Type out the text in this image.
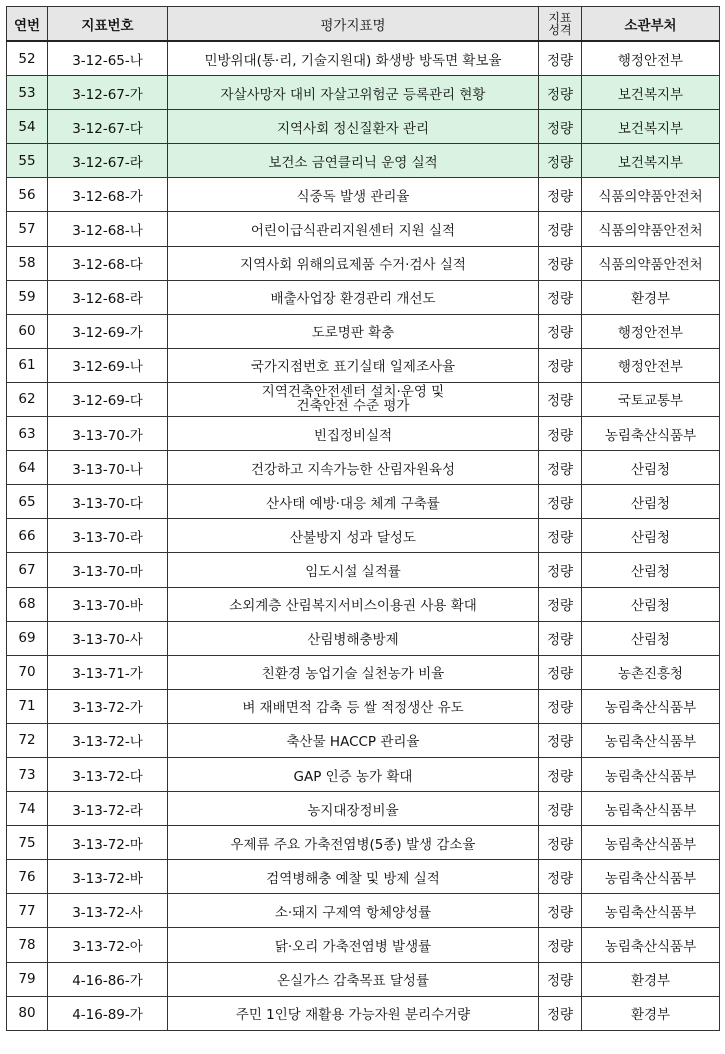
연번	지표번호	평가지표명	지표
성격	소관부처
52	3-12-65-나	민방위대(통·리, 기술지원대) 화생방 방독면 확보율	정량	행정안전부
53	3-12-67-가	자살사망자 대비 자살고위험군 등록관리 현황	정량	보건복지부
54	3-12-67-다	지역사회 정신질환자 관리	정량	보건복지부
55	3-12-67-라	보건소 금연클리닉 운영 실적	정량	보건복지부
56	3-12-68-가	식중독 발생 관리율	정량	식품의약품안전처
57	3-12-68-나	어린이급식관리지원센터 지원 실적	정량	식품의약품안전처
58	3-12-68-다	지역사회 위해의료제품 수거·검사 실적	정량	식품의약품안전처
59	3-12-68-라	배출사업장 환경관리 개선도	정량	환경부
60	3-12-69-가	도로명판 확충	정량	행정안전부
61	3-12-69-나	국가지점번호 표기실태 일제조사율	정량	행정안전부
62	3-12-69-다	지역건축안전센터 설치·운영 및
건축안전 수준 평가	정량	국토교통부
63	3-13-70-가	빈집정비실적	정량	농림축산식품부
64	3-13-70-나	건강하고 지속가능한 산림자원육성	정량	산림청
65	3-13-70-다	산사태 예방·대응 체계 구축률	정량	산림청
66	3-13-70-라	산불방지 성과 달성도	정량	산림청
67	3-13-70-마	임도시설 실적률	정량	산림청
68	3-13-70-바	소외계층 산림복지서비스이용권 사용 확대	정량	산림청
69	3-13-70-사	산림병해충방제	정량	산림청
70	3-13-71-가	친환경 농업기술 실천농가 비율	정량	농촌진흥청
71	3-13-72-가	벼 재배면적 감축 등 쌀 적정생산 유도	정량	농림축산식품부
72	3-13-72-나	축산물 HACCP 관리율	정량	농림축산식품부
73	3-13-72-다	GAP 인증 농가 확대	정량	농림축산식품부
74	3-13-72-라	농지대장정비율	정량	농림축산식품부
75	3-13-72-마	우제류 주요 가축전염병(5종) 발생 감소율	정량	농림축산식품부
76	3-13-72-바	검역병해충 예찰 및 방제 실적	정량	농림축산식품부
77	3-13-72-사	소·돼지 구제역 항체양성률	정량	농림축산식품부
78	3-13-72-아	닭·오리 가축전염병 발생률	정량	농림축산식품부
79	4-16-86-가	온실가스 감축목표 달성률	정량	환경부
80	4-16-89-가	주민 1인당 재활용 가능자원 분리수거량	정량	환경부
